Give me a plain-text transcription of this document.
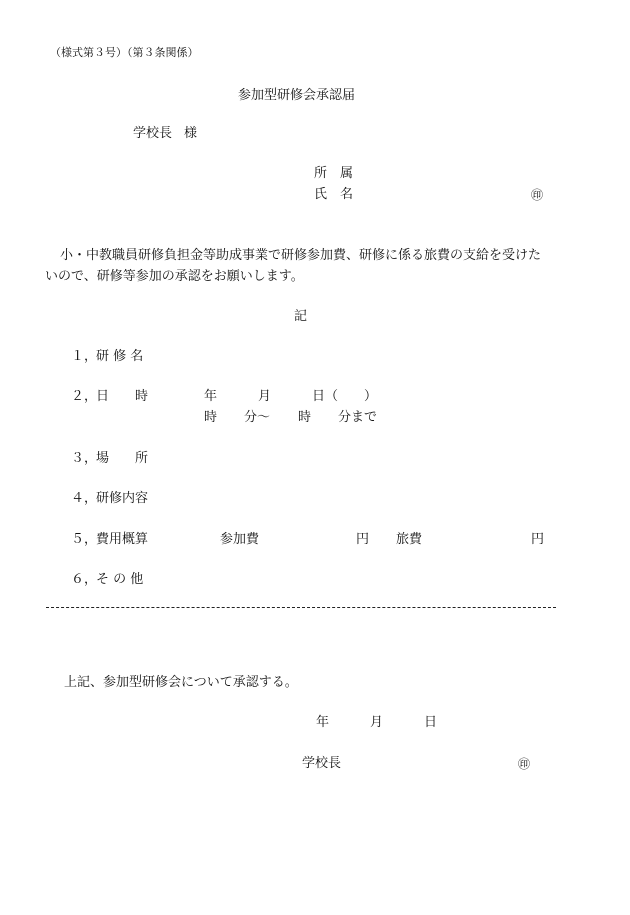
（様式第３号）（第３条関係）
参加型研修会承認届
学校長 様
所　属
氏　名	㊞
小・中教職員研修負担金等助成事業で研修参加費、研修に係る旅費の支給を受けた
いので、研修等参加の承認をお願いします。
記
１，
研 修 名
２，
日　　時	年	月	日（　　）
時 分〜 時 分まで
３，
場　　所
４，
研修内容
５，
費用概算	参加費	円 旅費	円
６，
そ の 他
上記、参加型研修会について承認する。
年	月	日
学校長	㊞
